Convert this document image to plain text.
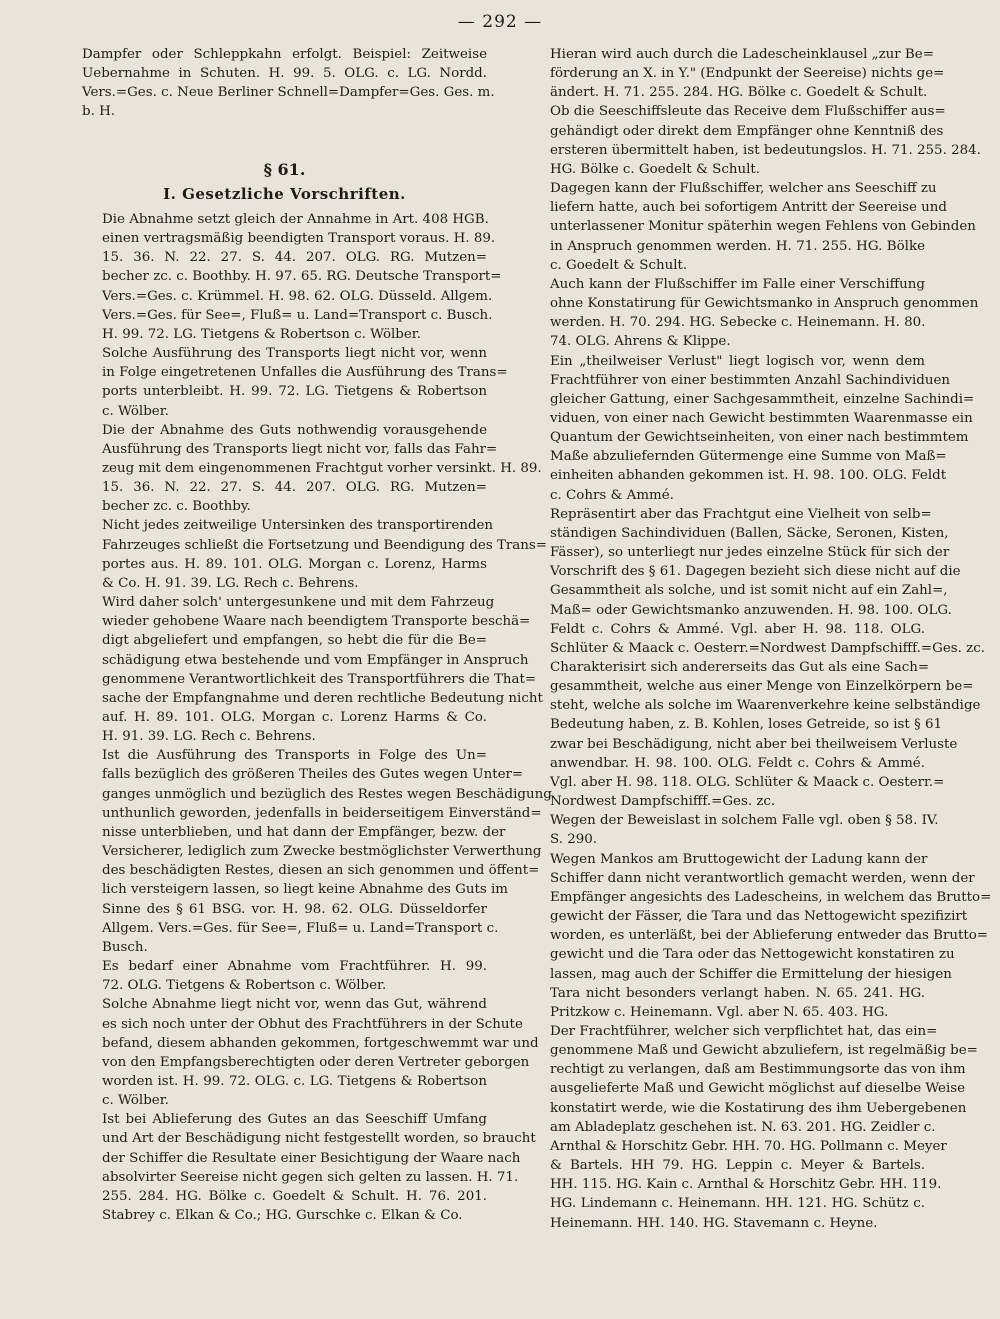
— 292 —
Dampfer oder Schleppkahn erfolgt. Beispiel: Zeitweise
Uebernahme in Schuten. H. 99. 5. OLG. c. LG. Nordd.
Vers.=Ges. c. Neue Berliner Schnell=Dampfer=Ges. Ges. m.
b. H.
§ 61.
I. Gesetzliche Vorschriften.
Die Abnahme setzt gleich der Annahme in Art. 408 HGB.
einen vertragsmäßig beendigten Transport voraus. H. 89.
15. 36. N. 22. 27. S. 44. 207. OLG. RG. Mutzen=
becher zc. c. Boothby. H. 97. 65. RG. Deutsche Transport=
Vers.=Ges. c. Krümmel. H. 98. 62. OLG. Düsseld. Allgem.
Vers.=Ges. für See=, Fluß= u. Land=Transport c. Busch.
H. 99. 72. LG. Tietgens & Robertson c. Wölber.
Solche Ausführung des Transports liegt nicht vor, wenn
in Folge eingetretenen Unfalles die Ausführung des Trans=
ports unterbleibt. H. 99. 72. LG. Tietgens & Robertson
c. Wölber.
Die der Abnahme des Guts nothwendig vorausgehende
Ausführung des Transports liegt nicht vor, falls das Fahr=
zeug mit dem eingenommenen Frachtgut vorher versinkt. H. 89.
15. 36. N. 22. 27. S. 44. 207. OLG. RG. Mutzen=
becher zc. c. Boothby.
Nicht jedes zeitweilige Untersinken des transportirenden
Fahrzeuges schließt die Fortsetzung und Beendigung des Trans=
portes aus. H. 89. 101. OLG. Morgan c. Lorenz, Harms
& Co. H. 91. 39. LG. Rech c. Behrens.
Wird daher solch' untergesunkene und mit dem Fahrzeug
wieder gehobene Waare nach beendigtem Transporte beschä=
digt abgeliefert und empfangen, so hebt die für die Be=
schädigung etwa bestehende und vom Empfänger in Anspruch
genommene Verantwortlichkeit des Transportführers die That=
sache der Empfangnahme und deren rechtliche Bedeutung nicht
auf. H. 89. 101. OLG. Morgan c. Lorenz Harms & Co.
H. 91. 39. LG. Rech c. Behrens.
Ist die Ausführung des Transports in Folge des Un=
falls bezüglich des größeren Theiles des Gutes wegen Unter=
ganges unmöglich und bezüglich des Restes wegen Beschädigung
unthunlich geworden, jedenfalls in beiderseitigem Einverständ=
nisse unterblieben, und hat dann der Empfänger, bezw. der
Versicherer, lediglich zum Zwecke bestmöglichster Verwerthung
des beschädigten Restes, diesen an sich genommen und öffent=
lich versteigern lassen, so liegt keine Abnahme des Guts im
Sinne des § 61 BSG. vor. H. 98. 62. OLG. Düsseldorfer
Allgem. Vers.=Ges. für See=, Fluß= u. Land=Transport c.
Busch.
Es bedarf einer Abnahme vom Frachtführer. H. 99.
72. OLG. Tietgens & Robertson c. Wölber.
Solche Abnahme liegt nicht vor, wenn das Gut, während
es sich noch unter der Obhut des Frachtführers in der Schute
befand, diesem abhanden gekommen, fortgeschwemmt war und
von den Empfangsberechtigten oder deren Vertreter geborgen
worden ist. H. 99. 72. OLG. c. LG. Tietgens & Robertson
c. Wölber.
Ist bei Ablieferung des Gutes an das Seeschiff Umfang
und Art der Beschädigung nicht festgestellt worden, so braucht
der Schiffer die Resultate einer Besichtigung der Waare nach
absolvirter Seereise nicht gegen sich gelten zu lassen. H. 71.
255. 284. HG. Bölke c. Goedelt & Schult. H. 76. 201.
Stabrey c. Elkan & Co.; HG. Gurschke c. Elkan & Co.
Hieran wird auch durch die Ladescheinklausel „zur Be=
förderung an X. in Y." (Endpunkt der Seereise) nichts ge=
ändert. H. 71. 255. 284. HG. Bölke c. Goedelt & Schult.
Ob die Seeschiffsleute das Receive dem Flußschiffer aus=
gehändigt oder direkt dem Empfänger ohne Kenntniß des
ersteren übermittelt haben, ist bedeutungslos. H. 71. 255. 284.
HG. Bölke c. Goedelt & Schult.
Dagegen kann der Flußschiffer, welcher ans Seeschiff zu
liefern hatte, auch bei sofortigem Antritt der Seereise und
unterlassener Monitur späterhin wegen Fehlens von Gebinden
in Anspruch genommen werden. H. 71. 255. HG. Bölke
c. Goedelt & Schult.
Auch kann der Flußschiffer im Falle einer Verschiffung
ohne Konstatirung für Gewichtsmanko in Anspruch genommen
werden. H. 70. 294. HG. Sebecke c. Heinemann. H. 80.
74. OLG. Ahrens & Klippe.
Ein „theilweiser Verlust" liegt logisch vor, wenn dem
Frachtführer von einer bestimmten Anzahl Sachindividuen
gleicher Gattung, einer Sachgesammtheit, einzelne Sachindi=
viduen, von einer nach Gewicht bestimmten Waarenmasse ein
Quantum der Gewichtseinheiten, von einer nach bestimmtem
Maße abzuliefernden Gütermenge eine Summe von Maß=
einheiten abhanden gekommen ist. H. 98. 100. OLG. Feldt
c. Cohrs & Ammé.
Repräsentirt aber das Frachtgut eine Vielheit von selb=
ständigen Sachindividuen (Ballen, Säcke, Seronen, Kisten,
Fässer), so unterliegt nur jedes einzelne Stück für sich der
Vorschrift des § 61. Dagegen bezieht sich diese nicht auf die
Gesammtheit als solche, und ist somit nicht auf ein Zahl=,
Maß= oder Gewichtsmanko anzuwenden. H. 98. 100. OLG.
Feldt c. Cohrs & Ammé. Vgl. aber H. 98. 118. OLG.
Schlüter & Maack c. Oesterr.=Nordwest Dampfschifff.=Ges. zc.
Charakterisirt sich andererseits das Gut als eine Sach=
gesammtheit, welche aus einer Menge von Einzelkörpern be=
steht, welche als solche im Waarenverkehre keine selbständige
Bedeutung haben, z. B. Kohlen, loses Getreide, so ist § 61
zwar bei Beschädigung, nicht aber bei theilweisem Verluste
anwendbar. H. 98. 100. OLG. Feldt c. Cohrs & Ammé.
Vgl. aber H. 98. 118. OLG. Schlüter & Maack c. Oesterr.=
Nordwest Dampfschifff.=Ges. zc.
Wegen der Beweislast in solchem Falle vgl. oben § 58. IV.
S. 290.
Wegen Mankos am Bruttogewicht der Ladung kann der
Schiffer dann nicht verantwortlich gemacht werden, wenn der
Empfänger angesichts des Ladescheins, in welchem das Brutto=
gewicht der Fässer, die Tara und das Nettogewicht spezifizirt
worden, es unterläßt, bei der Ablieferung entweder das Brutto=
gewicht und die Tara oder das Nettogewicht konstatiren zu
lassen, mag auch der Schiffer die Ermittelung der hiesigen
Tara nicht besonders verlangt haben. N. 65. 241. HG.
Pritzkow c. Heinemann. Vgl. aber N. 65. 403. HG.
Der Frachtführer, welcher sich verpflichtet hat, das ein=
genommene Maß und Gewicht abzuliefern, ist regelmäßig be=
rechtigt zu verlangen, daß am Bestimmungsorte das von ihm
ausgelieferte Maß und Gewicht möglichst auf dieselbe Weise
konstatirt werde, wie die Kostatirung des ihm Uebergebenen
am Abladeplatz geschehen ist. N. 63. 201. HG. Zeidler c.
Arnthal & Horschitz Gebr. HH. 70. HG. Pollmann c. Meyer
& Bartels. HH 79. HG. Leppin c. Meyer & Bartels.
HH. 115. HG. Kain c. Arnthal & Horschitz Gebr. HH. 119.
HG. Lindemann c. Heinemann. HH. 121. HG. Schütz c.
Heinemann. HH. 140. HG. Stavemann c. Heyne.
